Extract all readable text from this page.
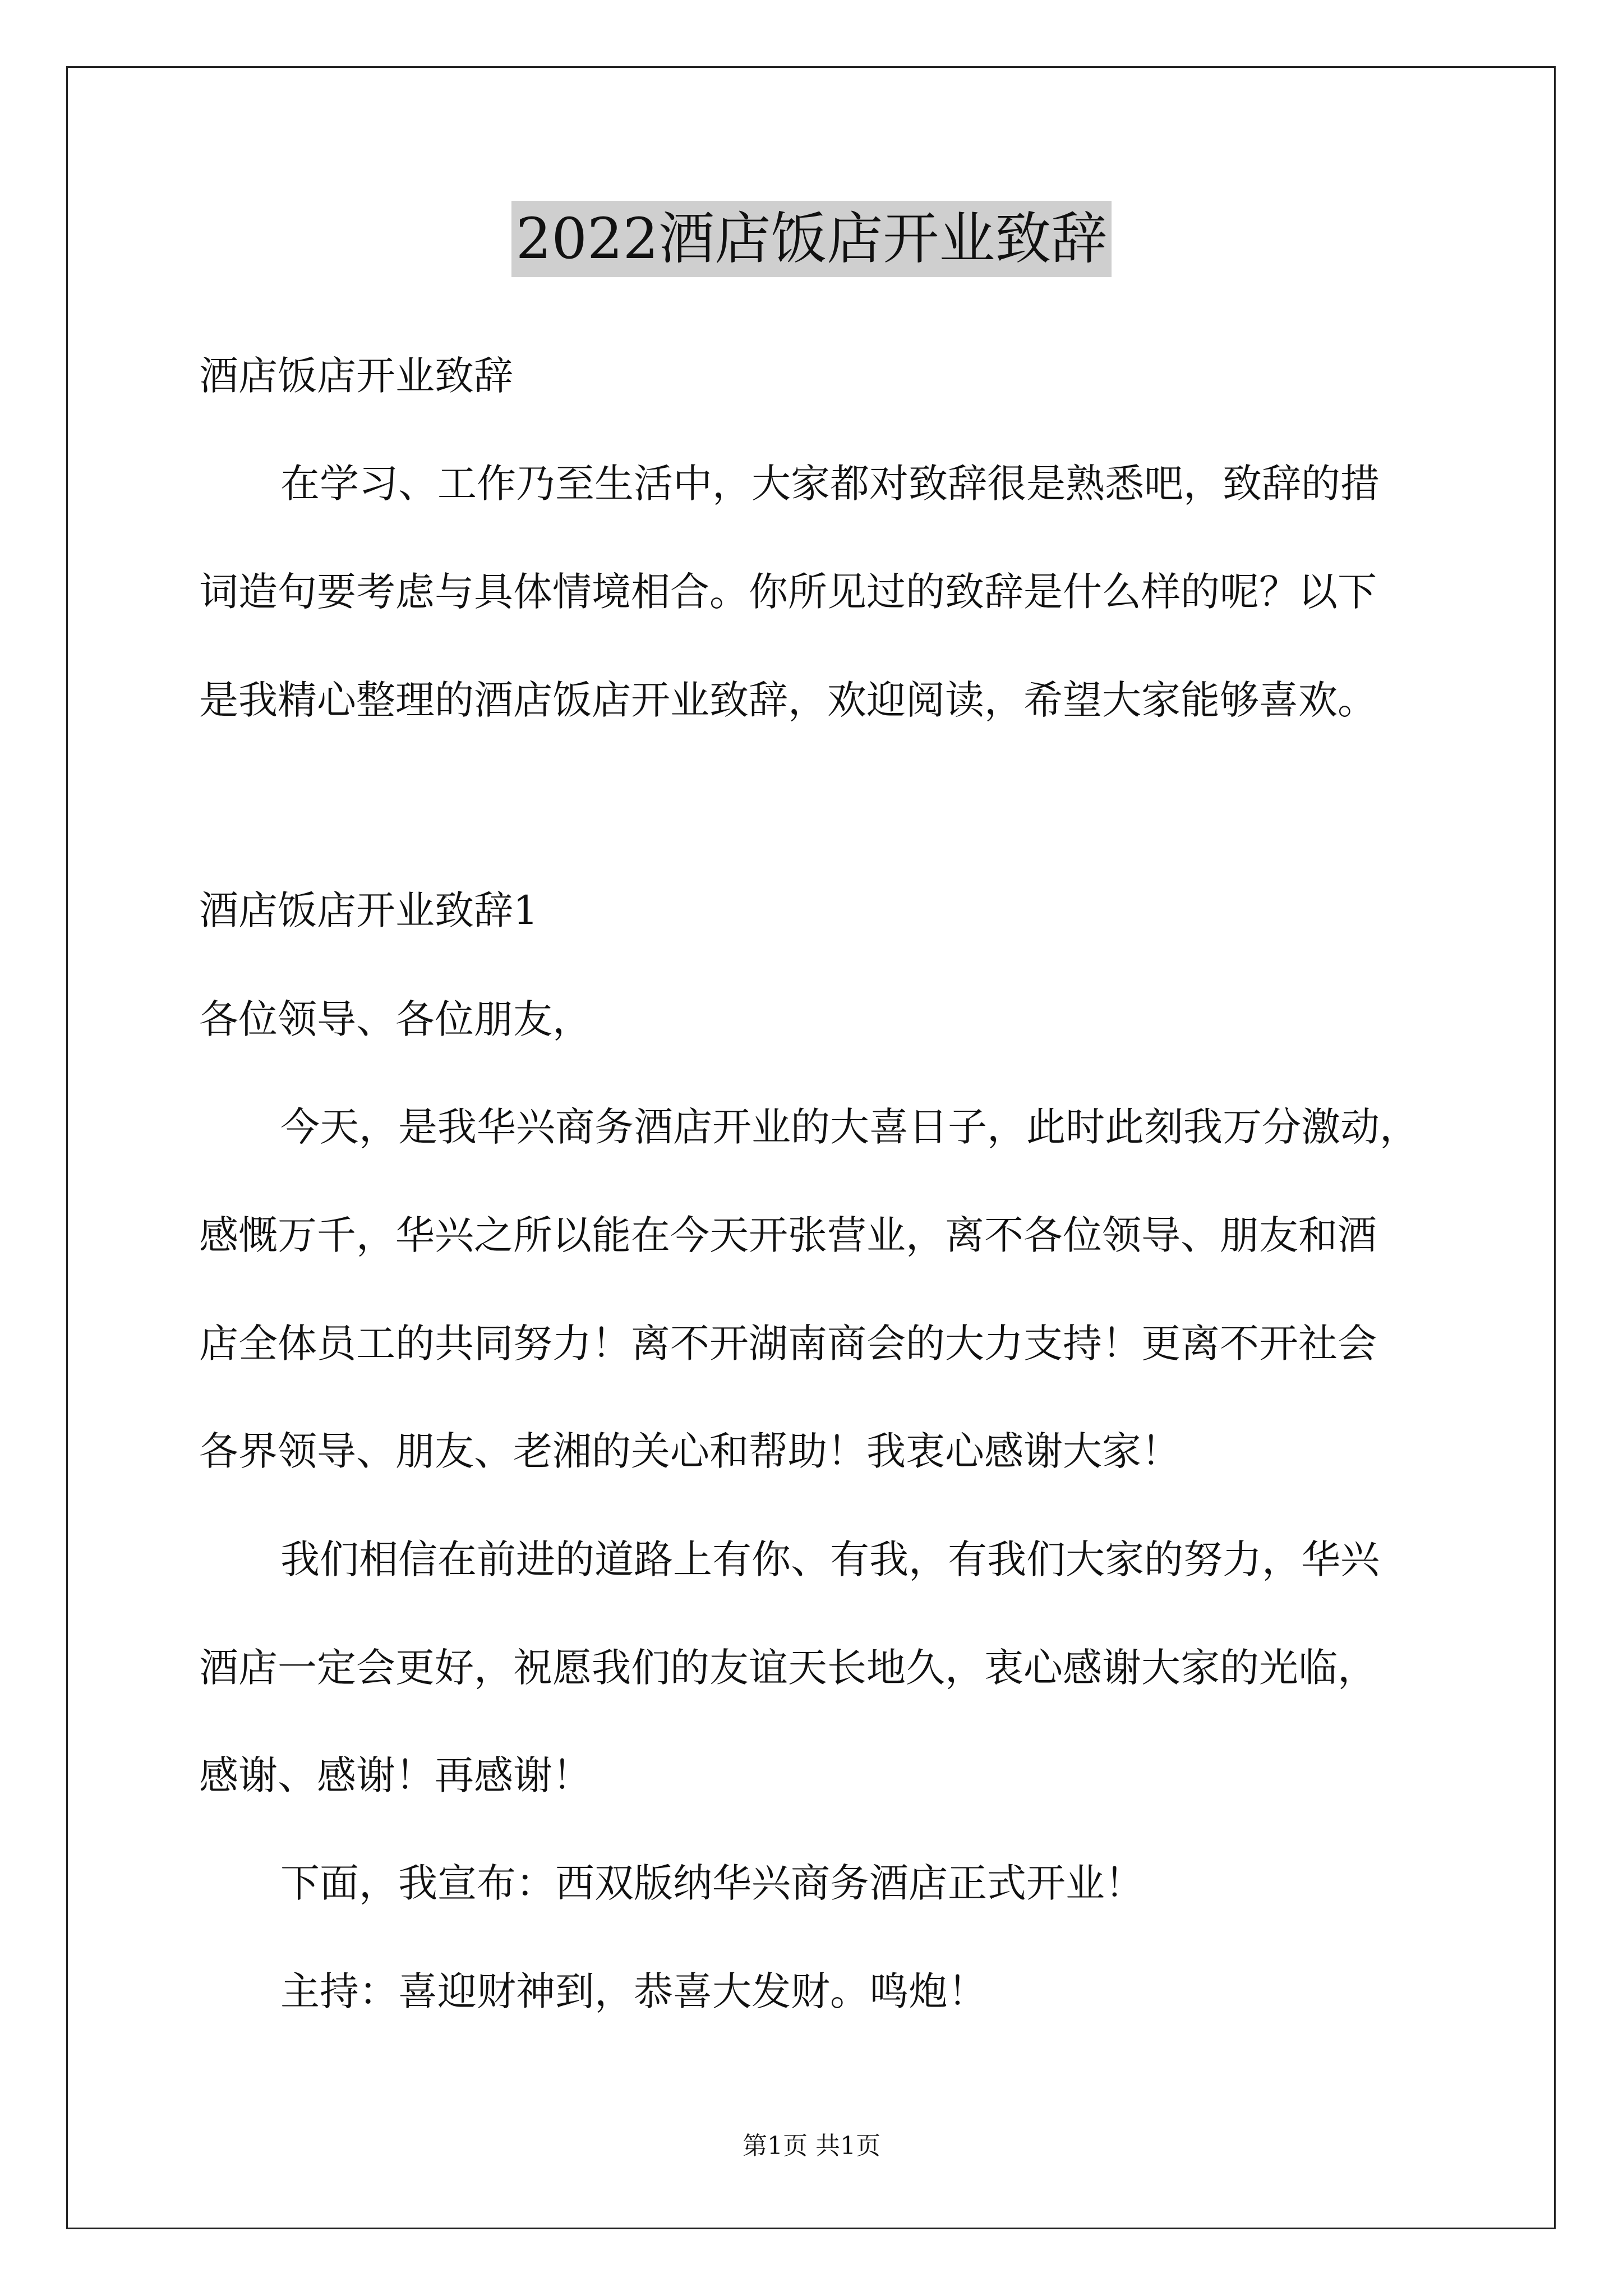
2022酒店饭店开业致辞
酒店饭店开业致辞
在学习、工作乃至生活中，大家都对致辞很是熟悉吧，致辞的措
词造句要考虑与具体情境相合。你所见过的致辞是什么样的呢？以下
是我精心整理的酒店饭店开业致辞，欢迎阅读，希望大家能够喜欢。
酒店饭店开业致辞1
各位领导、各位朋友，
今天，是我华兴商务酒店开业的大喜日子，此时此刻我万分激动，
感慨万千，华兴之所以能在今天开张营业，离不各位领导、朋友和酒
店全体员工的共同努力！离不开湖南商会的大力支持！更离不开社会
各界领导、朋友、老湘的关心和帮助！我衷心感谢大家！
我们相信在前进的道路上有你、有我，有我们大家的努力，华兴
酒店一定会更好，祝愿我们的友谊天长地久，衷心感谢大家的光临，
感谢、感谢！再感谢！
下面，我宣布：西双版纳华兴商务酒店正式开业！
主持：喜迎财神到，恭喜大发财。鸣炮！
第1页 共1页
